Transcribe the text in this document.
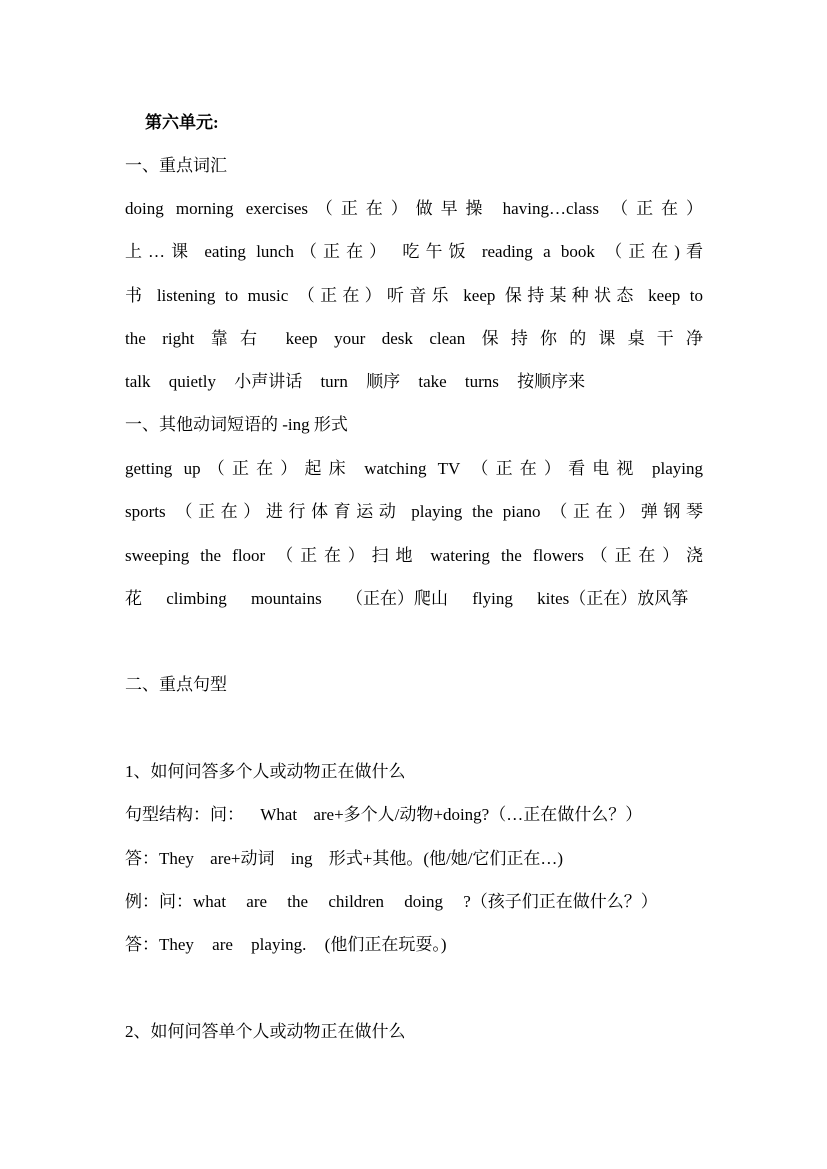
第六单元:
一、重点词汇
doing morning exercises（正在）做早操 having…class （正在）
上…课 eating lunch（正在） 吃午饭 reading a book （正在)看
书 listening to music （正在）听音乐 keep 保持某种状态 keep to
the right 靠右 keep your desk clean 保持你的课桌干净
talk quietly 小声讲话 turn 顺序 take turns 按顺序来
一、其他动词短语的 -ing 形式
getting up（正在）起床 watching TV （正在）看电视 playing
sports （正在）进行体育运动 playing the piano （正在）弹钢琴
sweeping the floor （正在）扫地 watering the flowers（正在）浇
花 climbing mountains （正在）爬山 flying kites（正在）放风筝
二、重点句型
1、如何问答多个人或动物正在做什么
句型结构：问： What are+多个人/动物+doing?（…正在做什么？）
答：They are+动词 ing 形式+其他。(他/她/它们正在…)
例：问：what are the children doing ?（孩子们正在做什么？）
答：They are playing. (他们正在玩耍。)
2、如何问答单个人或动物正在做什么
